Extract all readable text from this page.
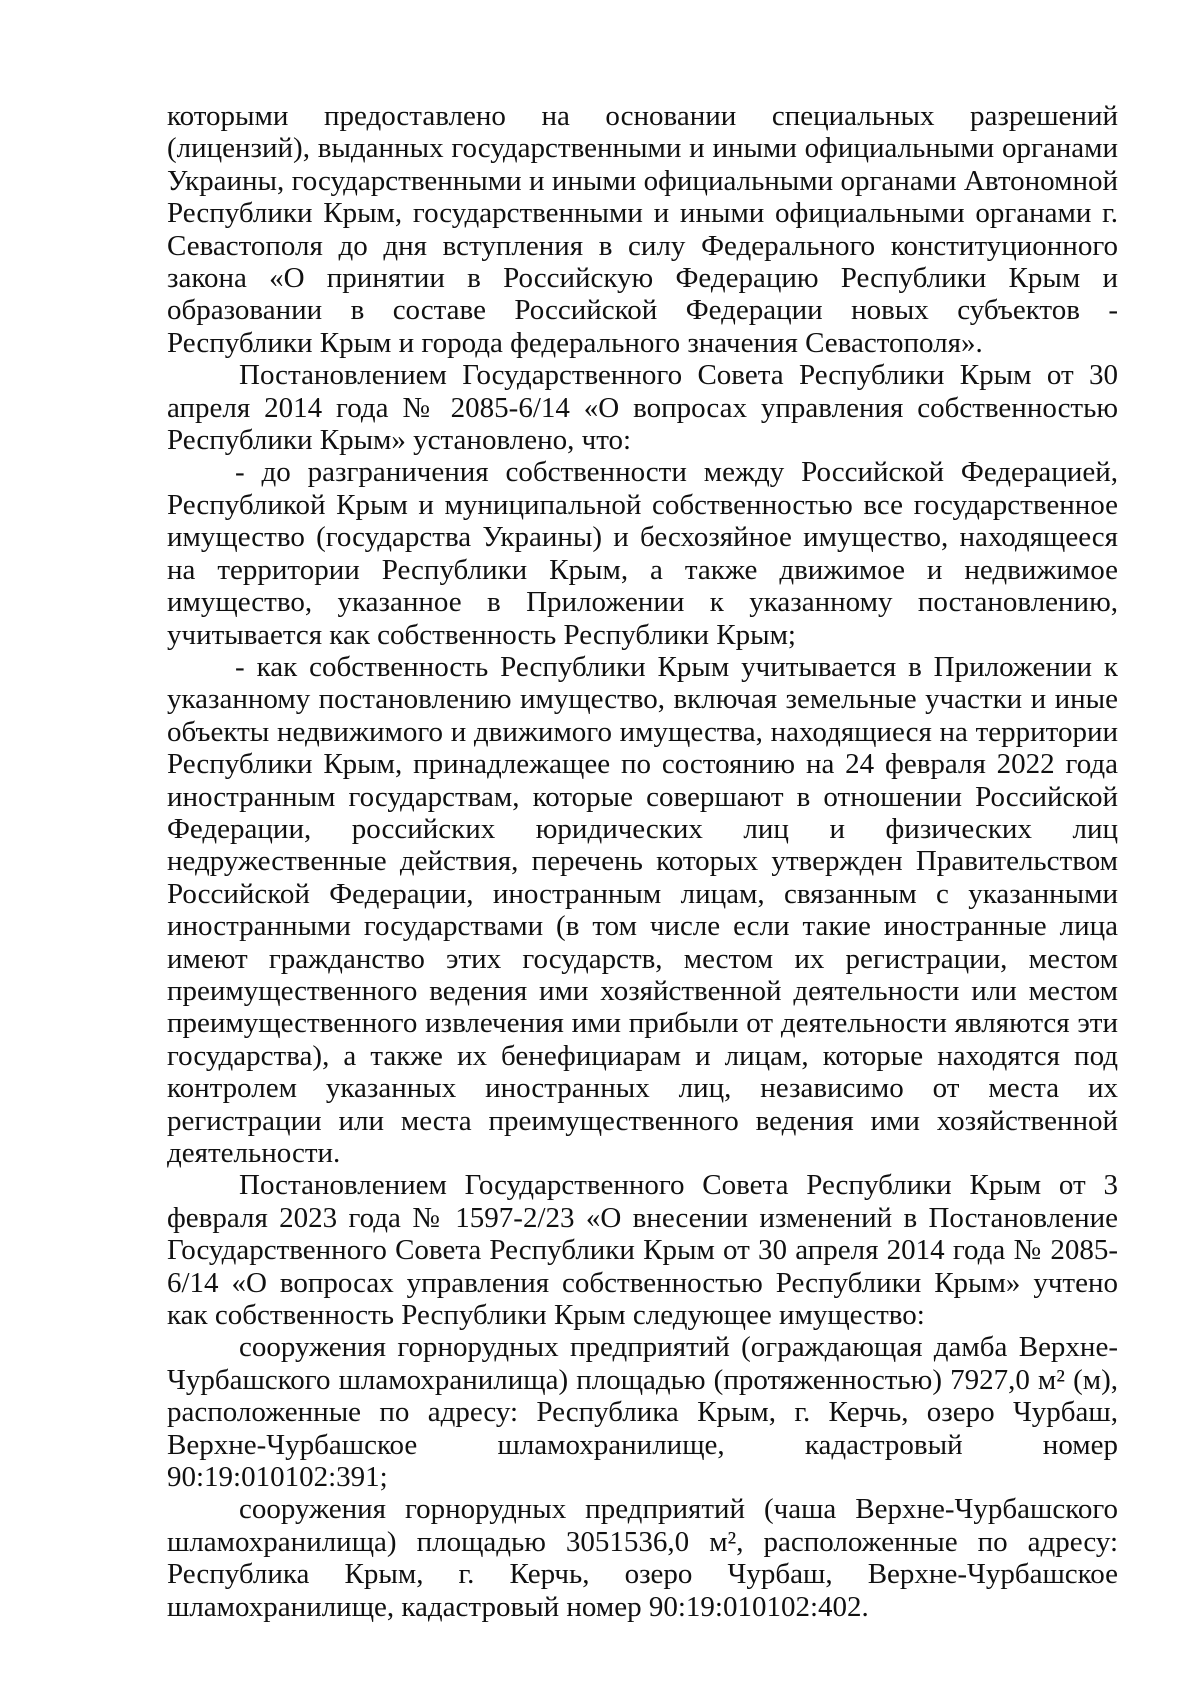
которыми предоставлено на основании специальных разрешений (лицензий), выданных государственными и иными официальными органами Украины, государственными и иными официальными органами Автономной Республики Крым, государственными и иными официальными органами г. Севастополя до дня вступления в силу Федерального конституционного закона «О принятии в Российскую Федерацию Республики Крым и образовании в составе Российской Федерации новых субъектов - Республики Крым и города федерального значения Севастополя».

Постановлением Государственного Совета Республики Крым от 30 апреля 2014 года № 2085-6/14 «О вопросах управления собственностью Республики Крым» установлено, что:

- до разграничения собственности между Российской Федерацией, Республикой Крым и муниципальной собственностью все государственное имущество (государства Украины) и бесхозяйное имущество, находящееся на территории Республики Крым, а также движимое и недвижимое имущество, указанное в Приложении к указанному постановлению, учитывается как собственность Республики Крым;

- как собственность Республики Крым учитывается в Приложении к указанному постановлению имущество, включая земельные участки и иные объекты недвижимого и движимого имущества, находящиеся на территории Республики Крым, принадлежащее по состоянию на 24 февраля 2022 года иностранным государствам, которые совершают в отношении Российской Федерации, российских юридических лиц и физических лиц недружественные действия, перечень которых утвержден Правительством Российской Федерации, иностранным лицам, связанным с указанными иностранными государствами (в том числе если такие иностранные лица имеют гражданство этих государств, местом их регистрации, местом преимущественного ведения ими хозяйственной деятельности или местом преимущественного извлечения ими прибыли от деятельности являются эти государства), а также их бенефициарам и лицам, которые находятся под контролем указанных иностранных лиц, независимо от места их регистрации или места преимущественного ведения ими хозяйственной деятельности.

Постановлением Государственного Совета Республики Крым от 3 февраля 2023 года № 1597-2/23 «О внесении изменений в Постановление Государственного Совета Республики Крым от 30 апреля 2014 года № 2085-6/14 «О вопросах управления собственностью Республики Крым» учтено как собственность Республики Крым следующее имущество:

сооружения горнорудных предприятий (ограждающая дамба Верхне-Чурбашского шламохранилища) площадью (протяженностью) 7927,0 м² (м), расположенные по адресу: Республика Крым, г. Керчь, озеро Чурбаш, Верхне-Чурбашское шламохранилище, кадастровый номер 90:19:010102:391;

сооружения горнорудных предприятий (чаша Верхне-Чурбашского шламохранилища) площадью 3051536,0 м², расположенные по адресу: Республика Крым, г. Керчь, озеро Чурбаш, Верхне-Чурбашское шламохранилище, кадастровый номер 90:19:010102:402.
